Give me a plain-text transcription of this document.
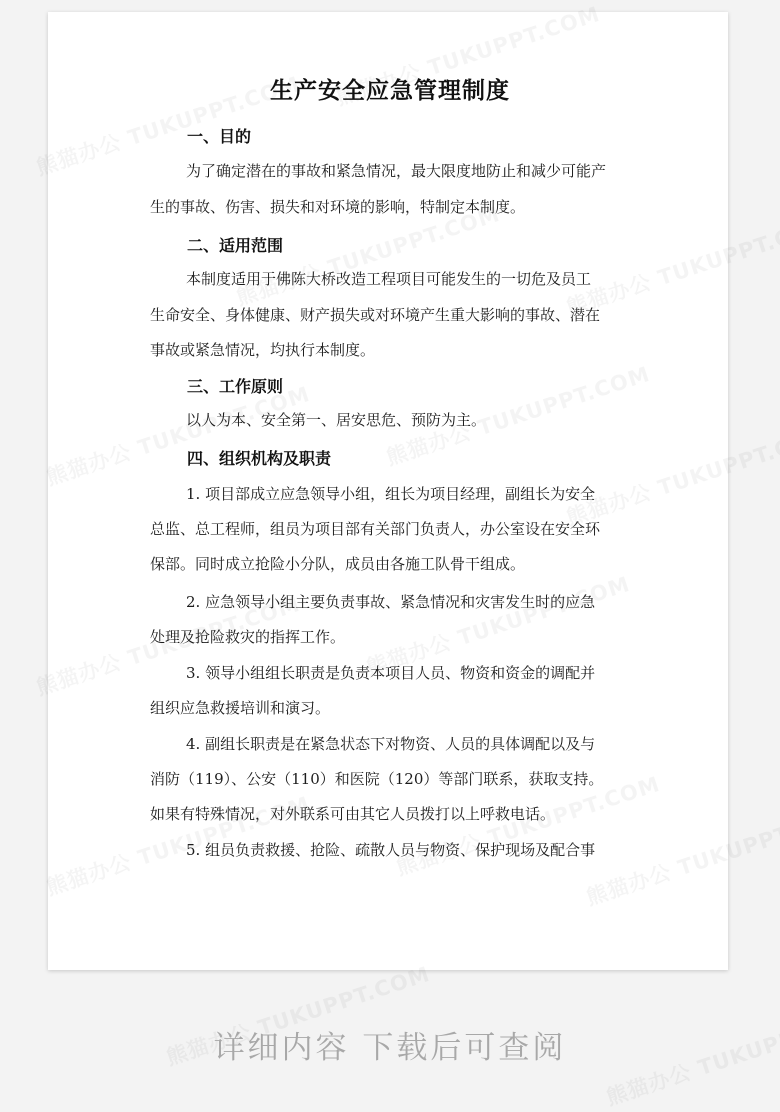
生产安全应急管理制度
一、目的

为了确定潜在的事故和紧急情况，最大限度地防止和减少可能产

生的事故、伤害、损失和对环境的影响，特制定本制度。

二、适用范围

本制度适用于佛陈大桥改造工程项目可能发生的一切危及员工

生命安全、身体健康、财产损失或对环境产生重大影响的事故、潜在

事故或紧急情况，均执行本制度。

三、工作原则

以人为本、安全第一、居安思危、预防为主。

四、组织机构及职责

1. 项目部成立应急领导小组，组长为项目经理，副组长为安全

总监、总工程师，组员为项目部有关部门负责人，办公室设在安全环

保部。同时成立抢险小分队，成员由各施工队骨干组成。

2. 应急领导小组主要负责事故、紧急情况和灾害发生时的应急

处理及抢险救灾的指挥工作。

3. 领导小组组长职责是负责本项目人员、物资和资金的调配并

组织应急救援培训和演习。

4. 副组长职责是在紧急状态下对物资、人员的具体调配以及与

消防（119）、公安（110）和医院（120）等部门联系，获取支持。

如果有特殊情况，对外联系可由其它人员拨打以上呼救电话。

5. 组员负责救援、抢险、疏散人员与物资、保护现场及配合事

详细内容 下载后可查阅
